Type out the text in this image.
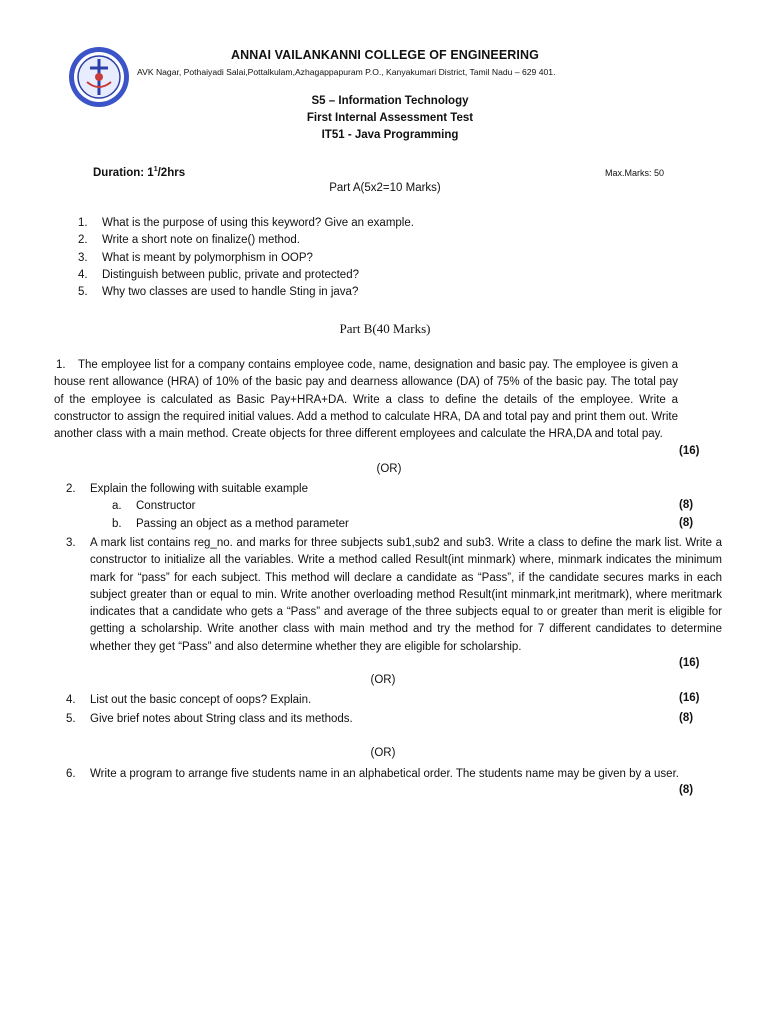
ANNAI VAILANKANNI COLLEGE OF ENGINEERING
AVK Nagar, Pothaiyadi Salai,Pottalkulam,Azhagappapuram P.O., Kanyakumari District, Tamil Nadu – 629 401.
S5 – Information Technology
First Internal Assessment Test
IT51 - Java Programming
Duration: $1^1/2hrs$	Max.Marks: 50
Part A(5x2=10 Marks)
1.	What is the purpose of using this keyword? Give an example.
2.	Write a short note on finalize() method.
3.	What is meant by polymorphism in OOP?
4.	Distinguish between public, private and protected?
5.	Why two classes are used to handle Sting in java?
Part B(40 Marks)
1.	The employee list for a company contains employee code, name, designation and basic pay. The employee is given a house rent allowance (HRA) of 10% of the basic pay and dearness allowance (DA) of 75% of the basic pay. The total pay of the employee is calculated as Basic Pay+HRA+DA. Write a class to define the details of the employee. Write a constructor to assign the required initial values. Add a method to calculate HRA, DA and total pay and print them out. Write another class with a main method. Create objects for three different employees and calculate the HRA,DA and total pay.
(16)
(OR)
2. Explain the following with suitable example
a. Constructor	(8)
b. Passing an object as a method parameter	(8)
3. A mark list contains reg_no. and marks for three subjects sub1,sub2 and sub3. Write a class to define the mark list. Write a constructor to initialize all the variables. Write a method called Result(int minmark) where, minmark indicates the minimum mark for “pass” for each subject. This method will declare a candidate as “Pass”, if the candidate secures marks in each subject greater than or equal to min. Write another overloading method Result(int minmark,int meritmark), where meritmark indicates that a candidate who gets a “Pass” and average of the three subjects equal to or greater than merit is eligible for getting a scholarship. Write another class with main method and try the method for 7 different candidates to determine whether they get “Pass” and also determine whether they are eligible for scholarship.
(16)
(OR)
4. List out the basic concept of oops? Explain.	(16)
5. Give brief notes about String class and its methods.	(8)
(OR)
6. Write a program to arrange five students name in an alphabetical order. The students name may be given by a user.
(8)
